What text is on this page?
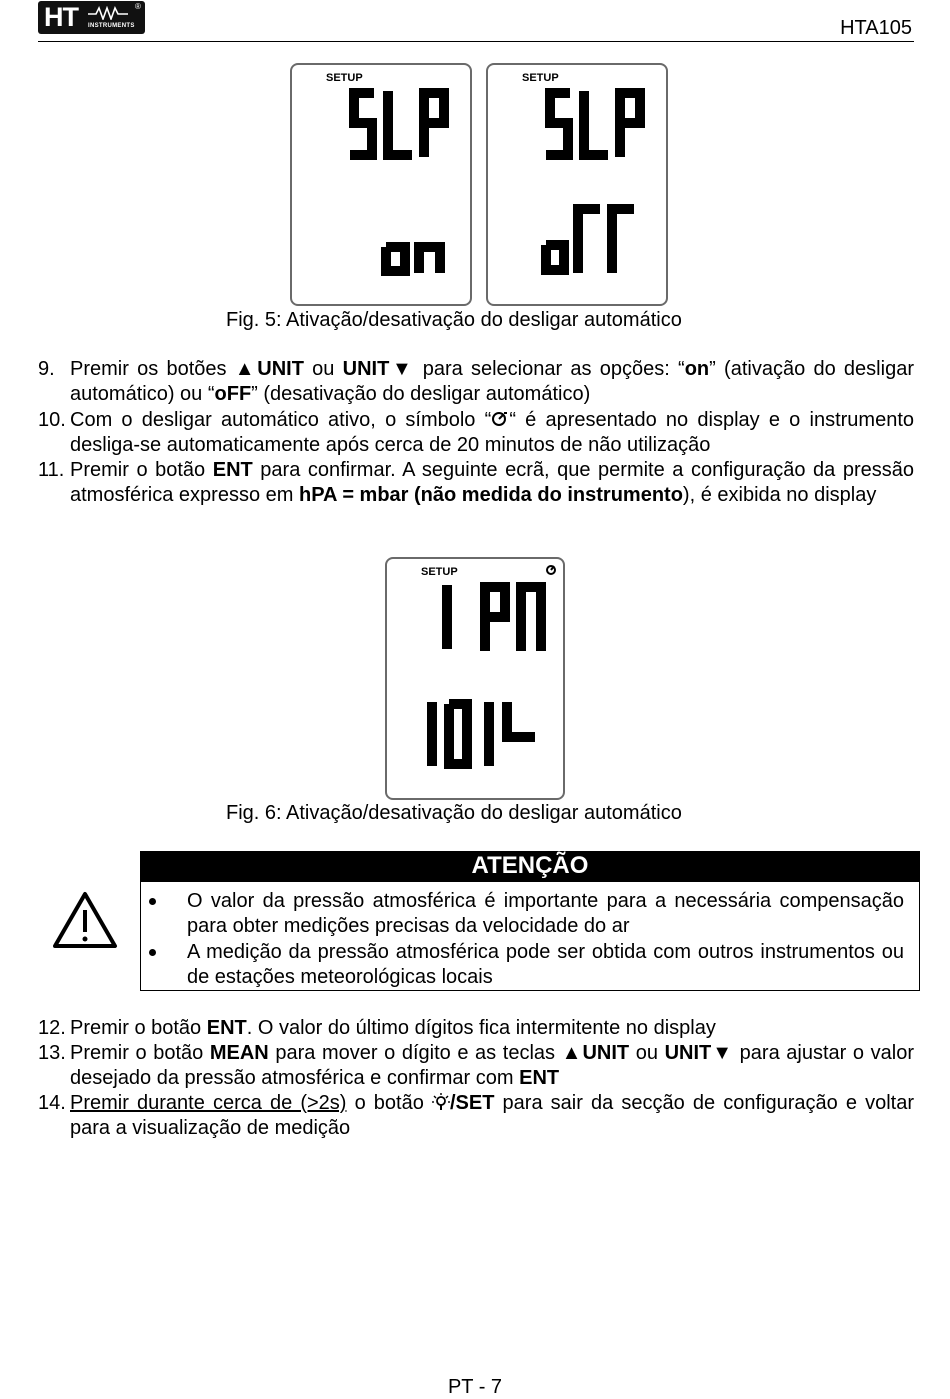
HT INSTRUMENTS
®
HTA105
SETUP	SETUP
Fig. 5: Ativação/desativação do desligar automático
9. Premir os botões ▲UNIT ou UNIT▼ para selecionar as opções: “on” (ativação do desligar automático) ou “oFF” (desativação do desligar automático)
10. Com o desligar automático ativo, o símbolo “ “ é apresentado no display e o instrumento desliga-se automaticamente após cerca de 20 minutos de não utilização
11. Premir o botão ENT para confirmar. A seguinte ecrã, que permite a configuração da pressão atmosférica expresso em hPA = mbar (não medida do instrumento), é exibida no display
SETUP
Fig. 6: Ativação/desativação do desligar automático
ATENÇÃO
O valor da pressão atmosférica é importante para a necessária compensação para obter medições precisas da velocidade do ar
A medição da pressão atmosférica pode ser obtida com outros instrumentos ou de estações meteorológicas locais
12. Premir o botão ENT. O valor do último dígitos fica intermitente no display
13. Premir o botão MEAN para mover o dígito e as teclas ▲UNIT ou UNIT▼ para ajustar o valor desejado da pressão atmosférica e confirmar com ENT
14. Premir durante cerca de (>2s) o botão /SET para sair da secção de configuração e voltar para a visualização de medição
PT - 7
